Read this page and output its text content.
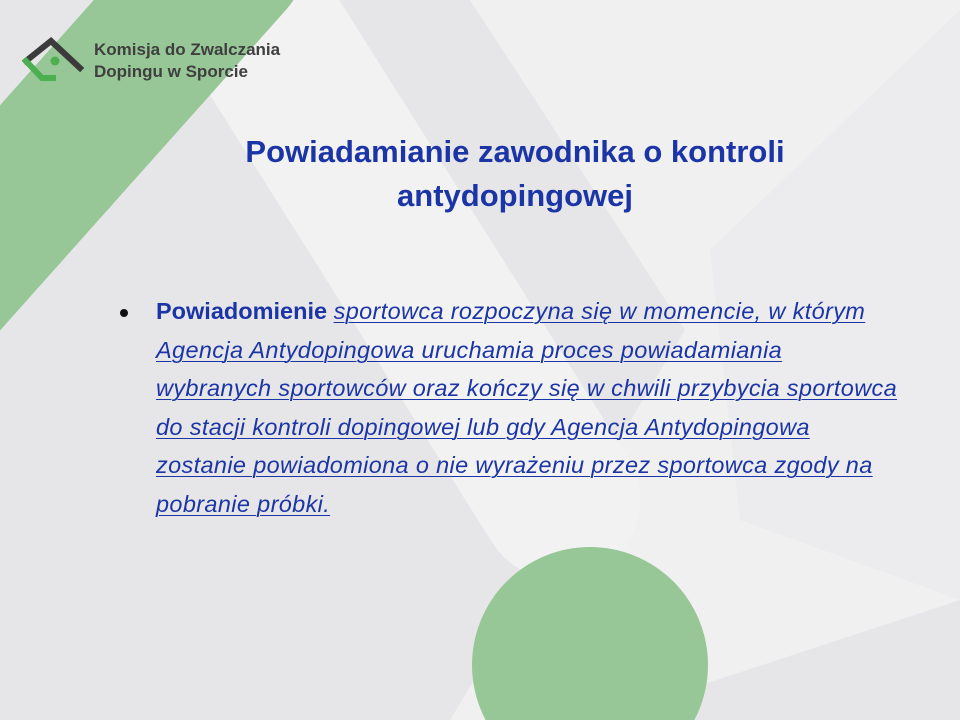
Komisja do Zwalczania
Dopingu w Sporcie
Powiadamianie zawodnika o kontroli
antydopingowej
Powiadomienie sportowca rozpoczyna się w momencie, w którym Agencja Antydopingowa uruchamia proces powiadamiania wybranych sportowców oraz kończy się w chwili przybycia sportowca do stacji kontroli dopingowej lub gdy Agencja Antydopingowa zostanie powiadomiona o nie wyrażeniu przez sportowca zgody na pobranie próbki.
